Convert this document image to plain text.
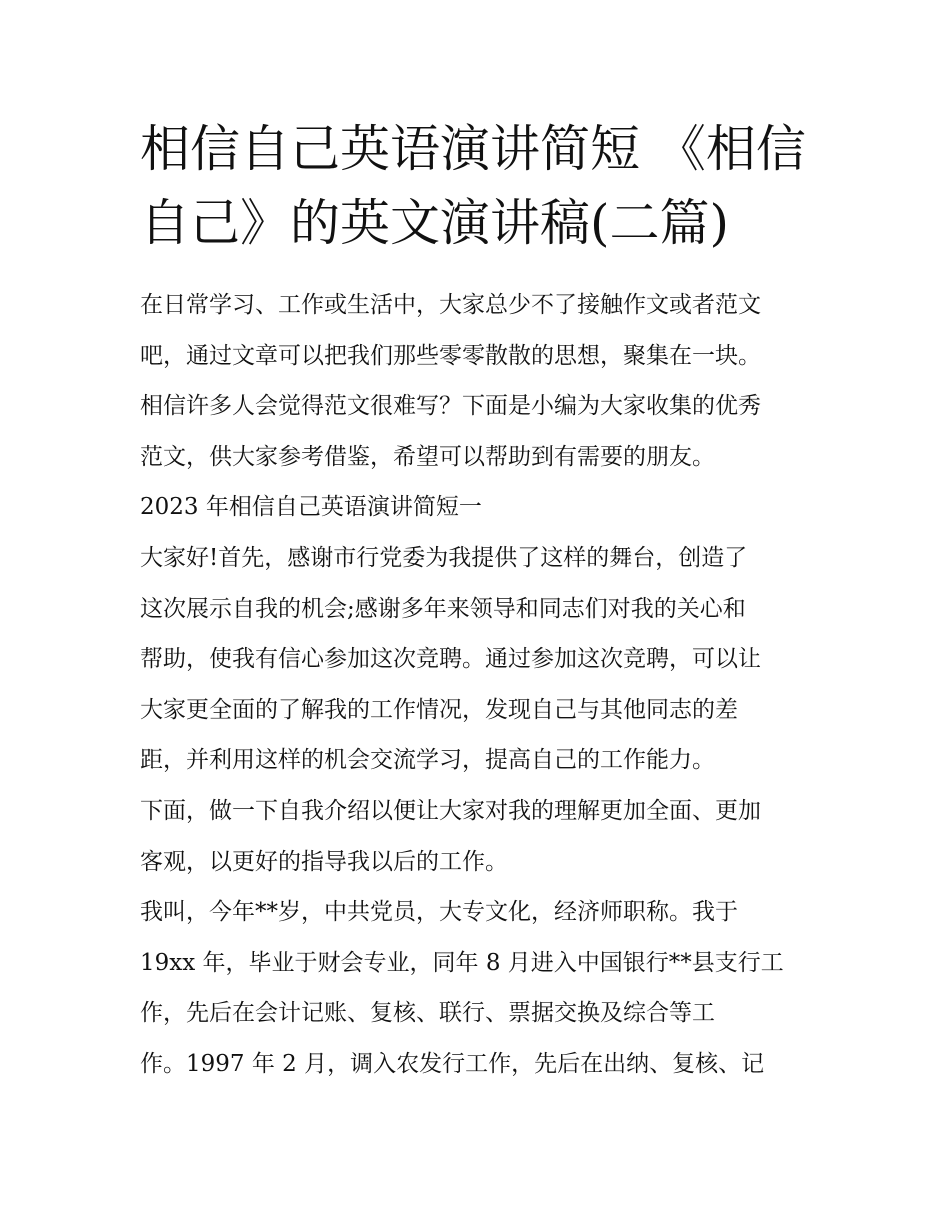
相信自己英语演讲简短 《相信
自己》的英文演讲稿(二篇)
在日常学习、工作或生活中，大家总少不了接触作文或者范文
吧，通过文章可以把我们那些零零散散的思想，聚集在一块。
相信许多人会觉得范文很难写？下面是小编为大家收集的优秀
范文，供大家参考借鉴，希望可以帮助到有需要的朋友。
2023 年相信自己英语演讲简短一
大家好!首先，感谢市行党委为我提供了这样的舞台，创造了
这次展示自我的机会;感谢多年来领导和同志们对我的关心和
帮助，使我有信心参加这次竞聘。通过参加这次竞聘，可以让
大家更全面的了解我的工作情况，发现自己与其他同志的差
距，并利用这样的机会交流学习，提高自己的工作能力。
下面，做一下自我介绍以便让大家对我的理解更加全面、更加
客观，以更好的指导我以后的工作。
我叫，今年**岁，中共党员，大专文化，经济师职称。我于
19xx 年，毕业于财会专业，同年 8 月进入中国银行**县支行工
作，先后在会计记账、复核、联行、票据交换及综合等工
作。1997 年 2 月，调入农发行工作，先后在出纳、复核、记
